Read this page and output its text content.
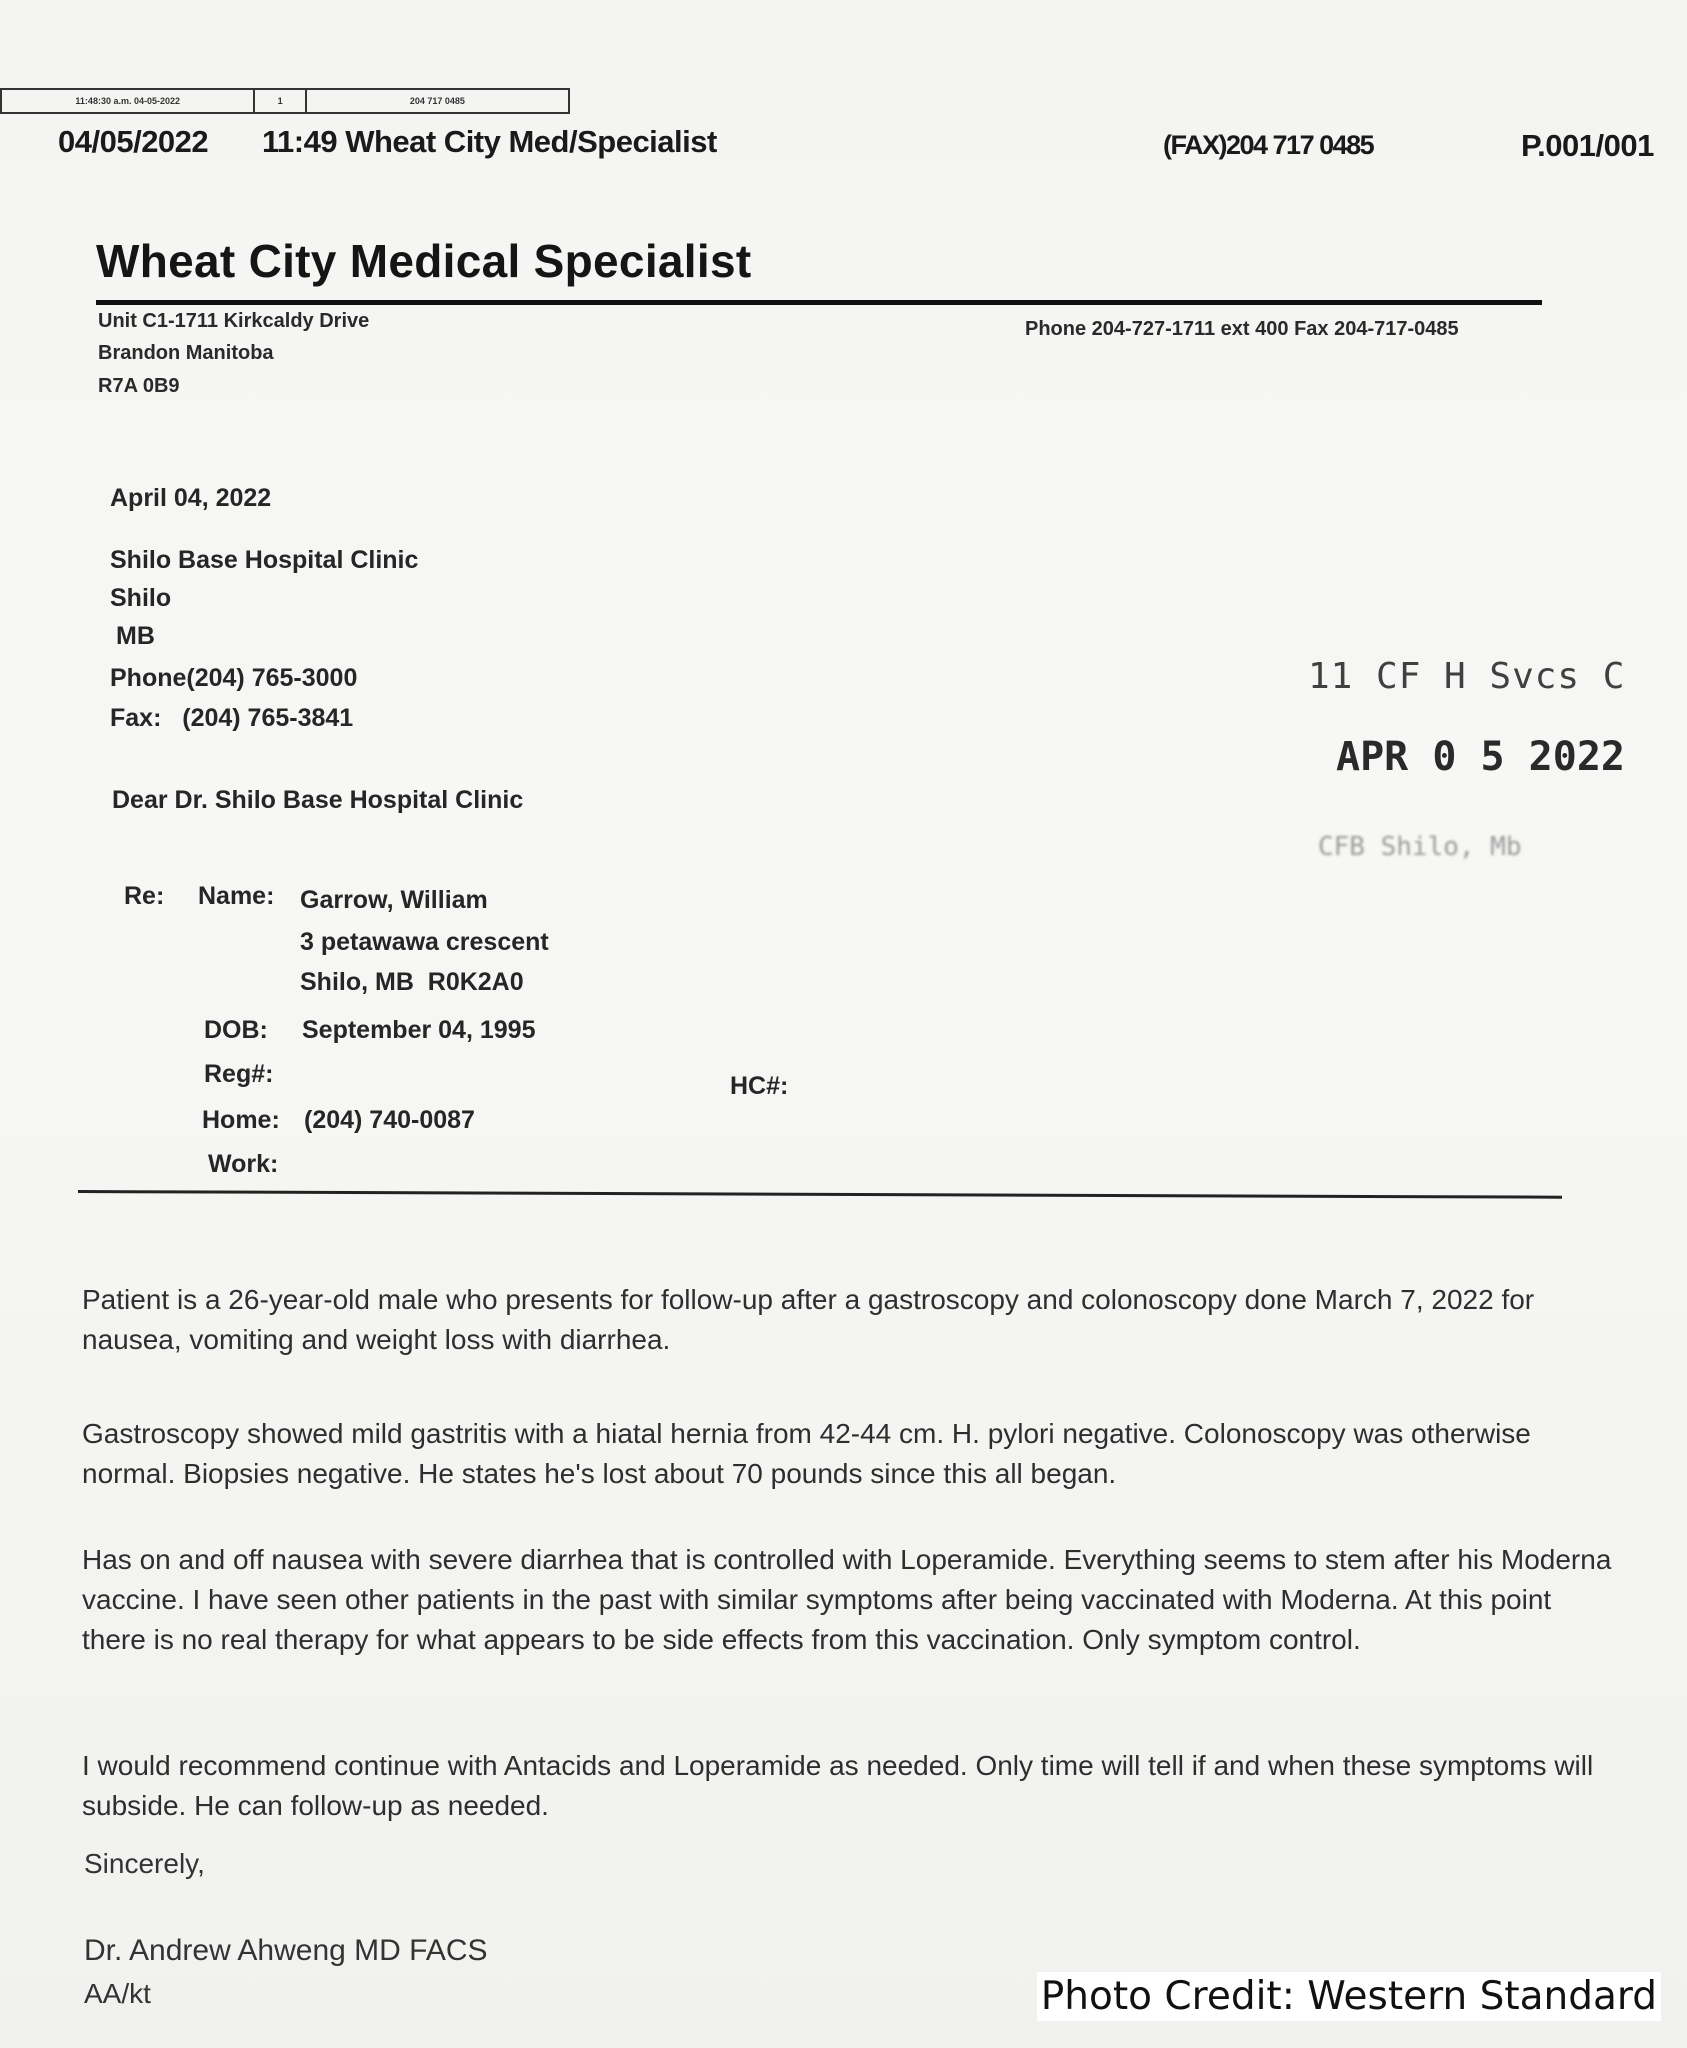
11:48:30 a.m. 04-05-2022	1	204 717 0485
04/05/2022 11:49 Wheat City Med/Specialist	(FAX)204 717 0485	P.001/001
Wheat City Medical Specialist
Unit C1-1711 Kirkcaldy Drive
Brandon Manitoba
R7A 0B9
Phone 204-727-1711 ext 400 Fax 204-717-0485
April 04, 2022
Shilo Base Hospital Clinic
Shilo
MB
Phone(204) 765-3000
Fax:   (204) 765-3841
Dear Dr. Shilo Base Hospital Clinic
11 CF H Svcs C
APR 0 5 2022
CFB Shilo, Mb
Re: Name: Garrow, William
3 petawawa crescent
Shilo, MB  R0K2A0
DOB: September 04, 1995
Reg#:	HC#:
Home: (204) 740-0087
Work:
Patient is a 26-year-old male who presents for follow-up after a gastroscopy and colonoscopy done March 7, 2022 for nausea, vomiting and weight loss with diarrhea.
Gastroscopy showed mild gastritis with a hiatal hernia from 42-44 cm. H. pylori negative. Colonoscopy was otherwise normal. Biopsies negative. He states he's lost about 70 pounds since this all began.
Has on and off nausea with severe diarrhea that is controlled with Loperamide. Everything seems to stem after his Moderna vaccine. I have seen other patients in the past with similar symptoms after being vaccinated with Moderna. At this point there is no real therapy for what appears to be side effects from this vaccination. Only symptom control.
I would recommend continue with Antacids and Loperamide as needed. Only time will tell if and when these symptoms will subside. He can follow-up as needed.
Sincerely,
Dr. Andrew Ahweng MD FACS
AA/kt	Photo Credit: Western Standard
